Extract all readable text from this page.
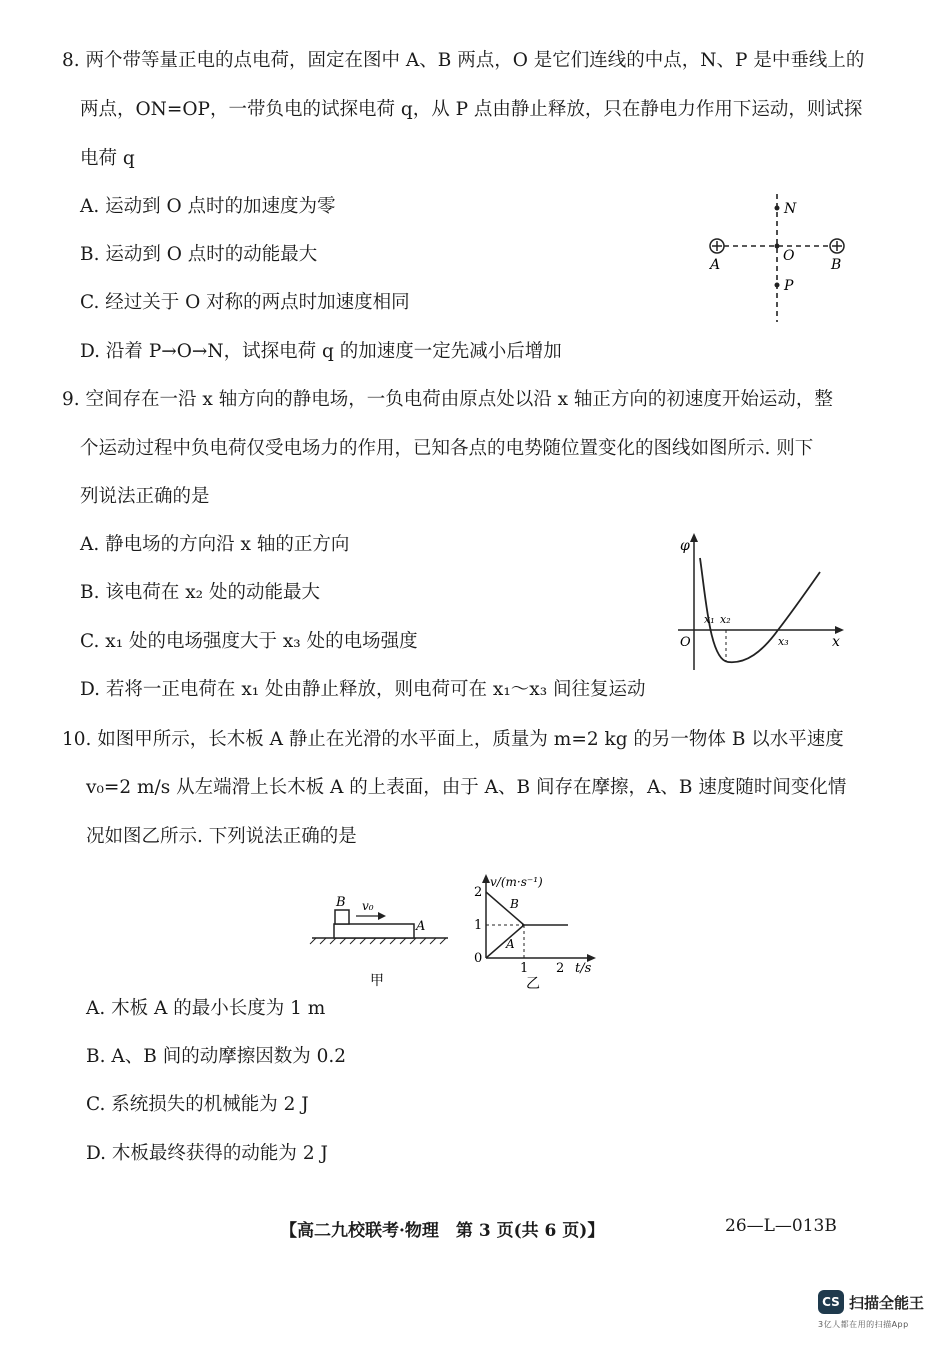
8. 两个带等量正电的点电荷，固定在图中 A、B 两点，O 是它们连线的中点，N、P 是中垂线上的
两点，ON=OP，一带负电的试探电荷 q，从 P 点由静止释放，只在静电力作用下运动，则试探
电荷 q
A. 运动到 O 点时的加速度为零
B. 运动到 O 点时的动能最大
C. 经过关于 O 对称的两点时加速度相同
D. 沿着 P→O→N，试探电荷 q 的加速度一定先减小后增加
N
O
P
A	B
9. 空间存在一沿 x 轴方向的静电场，一负电荷由原点处以沿 x 轴正方向的初速度开始运动，整
个运动过程中负电荷仅受电场力的作用，已知各点的电势随位置变化的图线如图所示. 则下
列说法正确的是
A. 静电场的方向沿 x 轴的正方向
B. 该电荷在 x₂ 处的动能最大
C. x₁ 处的电场强度大于 x₃ 处的电场强度
D. 若将一正电荷在 x₁ 处由静止释放，则电荷可在 x₁～x₃ 间往复运动
φ
x
O
x₁ x₂
x₃
10. 如图甲所示，长木板 A 静止在光滑的水平面上，质量为 m=2 kg 的另一物体 B 以水平速度
v₀=2 m/s 从左端滑上长木板 A 的上表面，由于 A、B 间存在摩擦，A、B 速度随时间变化情
况如图乙所示. 下列说法正确的是
B v₀
A
甲
v/(m·s⁻¹)
2
1
0
1 2 t/s
B
A
乙
A. 木板 A 的最小长度为 1 m
B. A、B 间的动摩擦因数为 0.2
C. 系统损失的机械能为 2 J
D. 木板最终获得的动能为 2 J
【高二九校联考·物理　第 3 页(共 6 页)】	26—L—013B
CS 扫描全能王
3亿人都在用的扫描App
